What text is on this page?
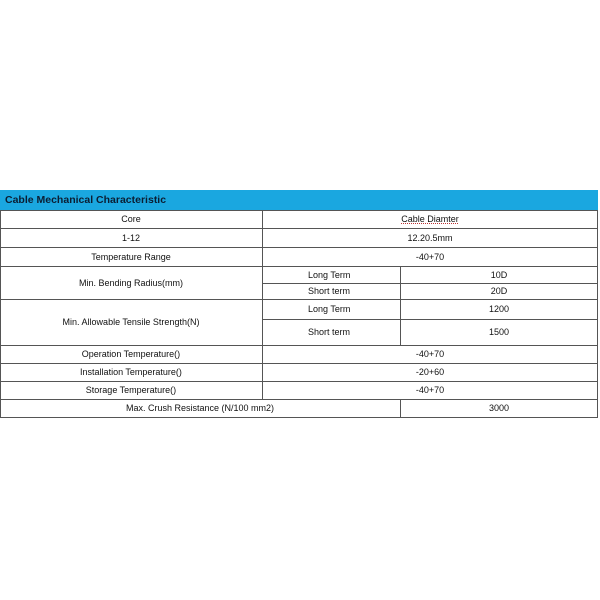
Cable Mechanical Characteristic
Core	Cable Diamter
1-12	12.20.5mm
Temperature Range	-40+70
Min. Bending Radius(mm)
Long Term	10D
Short term	20D
Min. Allowable Tensile Strength(N)
Long Term	1200
Short term	1500
Operation Temperature()	-40+70
Installation Temperature()	-20+60
Storage Temperature()	-40+70
Max. Crush Resistance (N/100 mm2)	3000
